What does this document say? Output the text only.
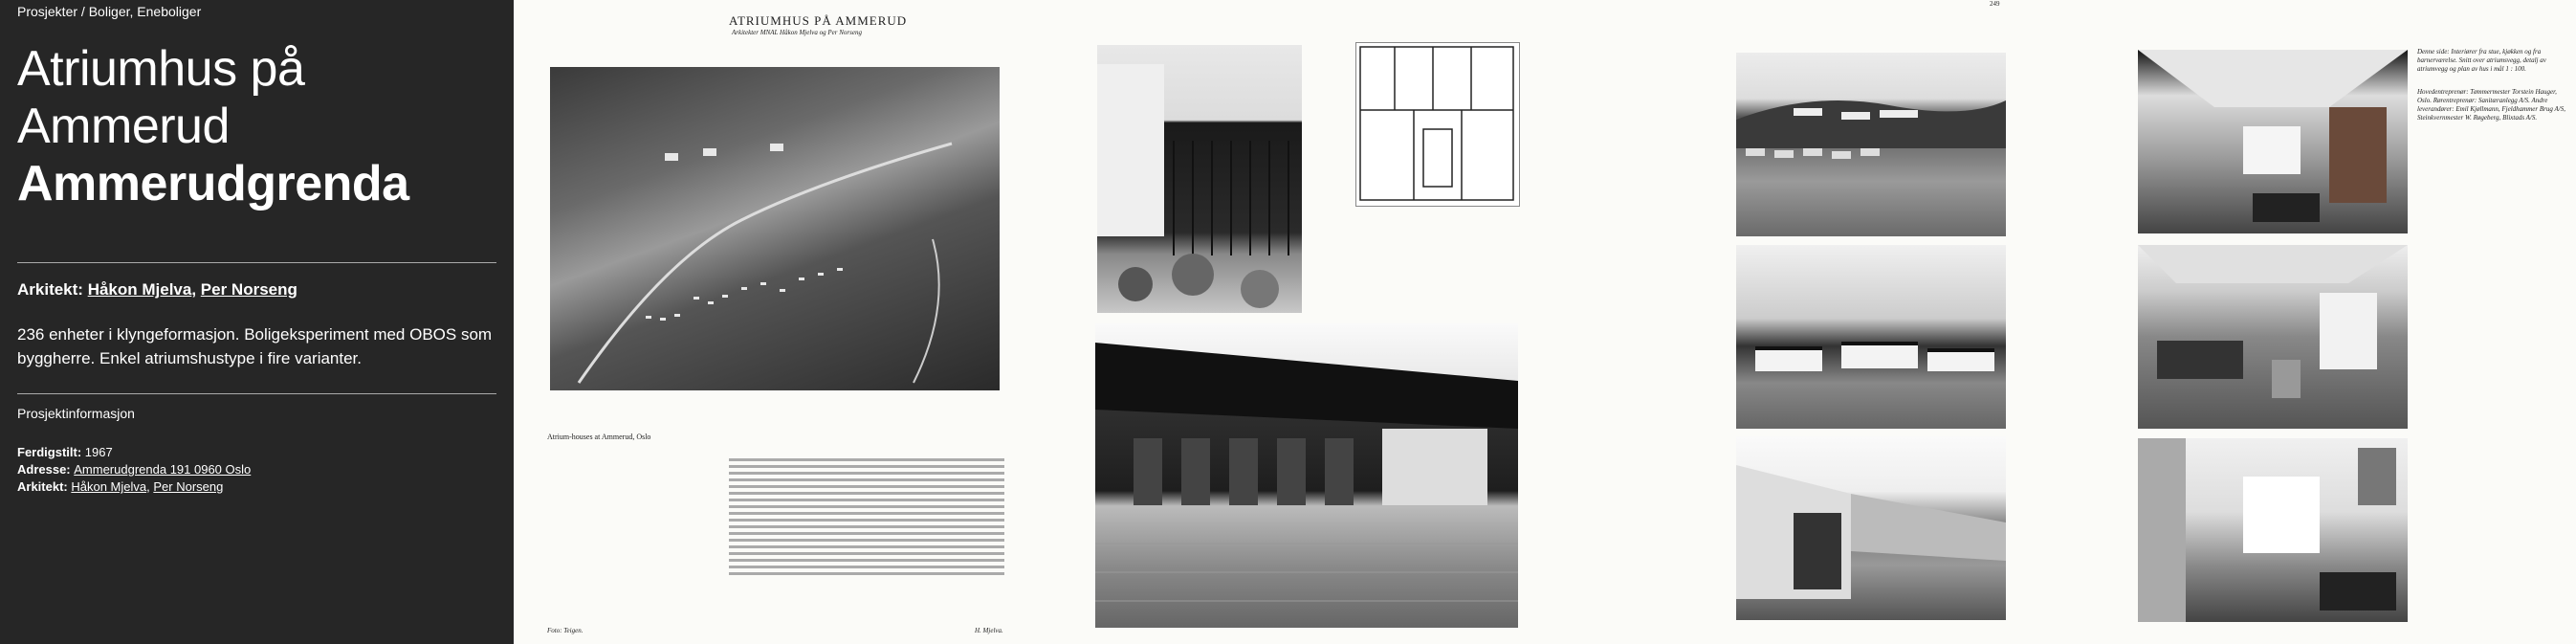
Prosjekter / Boliger, Eneboliger
Atriumhus på
Ammerud
Ammerudgrenda
Arkitekt: Håkon Mjelva, Per Norseng
236 enheter i klyngeformasjon. Boligeksperiment med OBOS som byggherre. Enkel atriumshustype i fire varianter.
Prosjektinformasjon
Ferdigstilt: 1967
Adresse: Ammerudgrenda 191 0960 Oslo
Arkitekt: Håkon Mjelva, Per Norseng
ATRIUMHUS PÅ AMMERUD
Arkitekter MNAL Håkon Mjelva og Per Norseng
Atrium-houses at Ammerud, Oslo
Foto: Teigen.	H. Mjelva.
249
Denne side: Interiører fra stue, kjøkken og fra barnerværelse. Snitt over atriumsvegg, detalj av atriumvegg og plan av hus i mål 1 : 100.
Hovedentreprenør: Tømmermester Torstein Hauger, Oslo. Rørentreprenør: Sanitæranlegg A/S. Andre leverandører: Emil Kjøllmann, Fjeldhammer Brug A/S, Steinkvernmester W. Røgeberg, Blixtads A/S.
